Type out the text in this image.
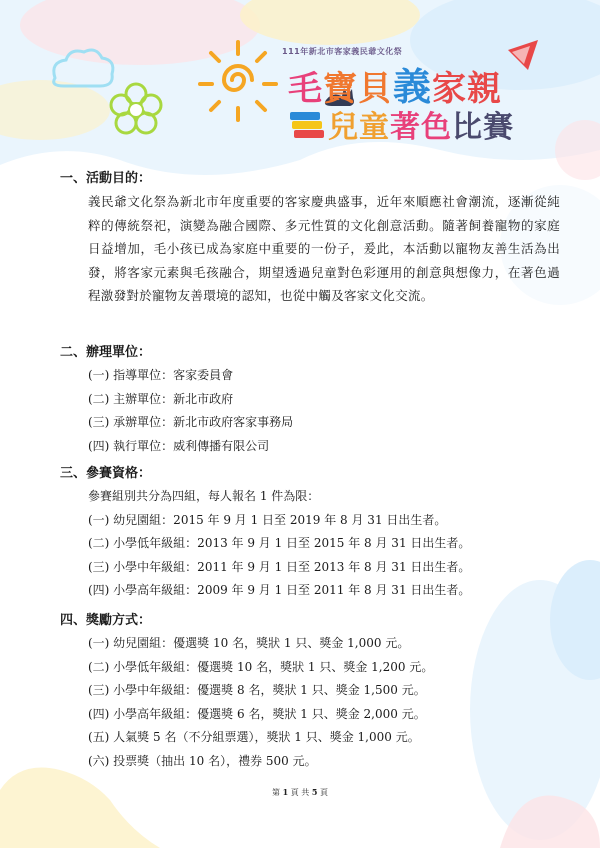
111年新北市客家義民爺文化祭
毛寶貝義家親
兒童著色比賽
一、活動目的：
義民爺文化祭為新北市年度重要的客家慶典盛事，近年來順應社會潮流，逐漸從純粹的傳統祭祀，演變為融合國際、多元性質的文化創意活動。隨著飼養寵物的家庭日益增加，毛小孩已成為家庭中重要的一份子，爰此，本活動以寵物友善生活為出發，將客家元素與毛孩融合，期望透過兒童對色彩運用的創意與想像力，在著色過程激發對於寵物友善環境的認知，也從中觸及客家文化交流。
二、辦理單位：
(一) 指導單位：客家委員會
(二) 主辦單位：新北市政府
(三) 承辦單位：新北市政府客家事務局
(四) 執行單位：威利傳播有限公司
三、參賽資格：
參賽組別共分為四組，每人報名 1 件為限：
(一) 幼兒園組：2015 年 9 月 1 日至 2019 年 8 月 31 日出生者。
(二) 小學低年級組：2013 年 9 月 1 日至 2015 年 8 月 31 日出生者。
(三) 小學中年級組：2011 年 9 月 1 日至 2013 年 8 月 31 日出生者。
(四) 小學高年級組：2009 年 9 月 1 日至 2011 年 8 月 31 日出生者。
四、獎勵方式：
(一) 幼兒園組：優選獎 10 名，獎狀 1 只、獎金 1,000 元。
(二) 小學低年級組：優選獎 10 名，獎狀 1 只、獎金 1,200 元。
(三) 小學中年級組：優選獎 8 名，獎狀 1 只、獎金 1,500 元。
(四) 小學高年級組：優選獎 6 名，獎狀 1 只、獎金 2,000 元。
(五) 人氣獎 5 名（不分組票選），獎狀 1 只、獎金 1,000 元。
(六) 投票獎（抽出 10 名），禮券 500 元。
第 1 頁 共 5 頁
